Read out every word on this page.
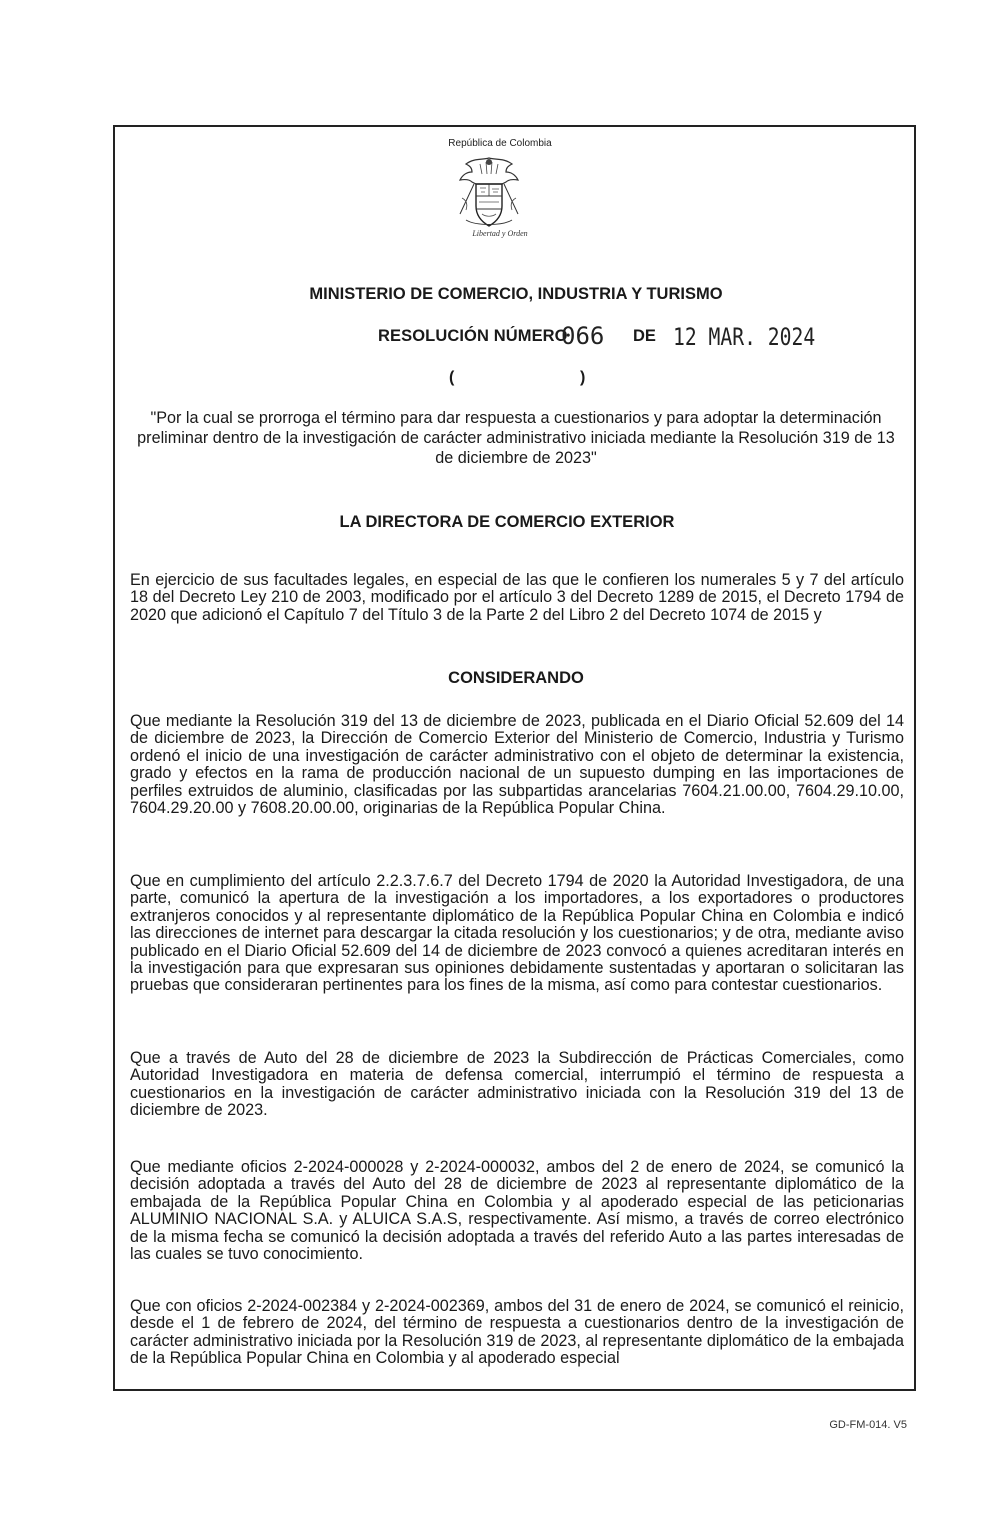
República de Colombia
Libertad y Orden
MINISTERIO DE COMERCIO, INDUSTRIA Y TURISMO
RESOLUCIÓN NÚMERO
066 DE 12 MAR. 2024
(	)
"Por la cual se prorroga el término para dar respuesta a cuestionarios y para adoptar la determinación preliminar dentro de la investigación de carácter administrativo iniciada mediante la Resolución 319 de 13 de diciembre de 2023"
LA DIRECTORA DE COMERCIO EXTERIOR
En ejercicio de sus facultades legales, en especial de las que le confieren los numerales 5 y 7 del artículo 18 del Decreto Ley 210 de 2003, modificado por el artículo 3 del Decreto 1289 de 2015, el Decreto 1794 de 2020 que adicionó el Capítulo 7 del Título 3 de la Parte 2 del Libro 2 del Decreto 1074 de 2015 y
CONSIDERANDO
Que mediante la Resolución 319 del 13 de diciembre de 2023, publicada en el Diario Oficial 52.609 del 14 de diciembre de 2023, la Dirección de Comercio Exterior del Ministerio de Comercio, Industria y Turismo ordenó el inicio de una investigación de carácter administrativo con el objeto de determinar la existencia, grado y efectos en la rama de producción nacional de un supuesto dumping en las importaciones de perfiles extruidos de aluminio, clasificadas por las subpartidas arancelarias 7604.21.00.00, 7604.29.10.00, 7604.29.20.00 y 7608.20.00.00, originarias de la República Popular China.
Que en cumplimiento del artículo 2.2.3.7.6.7 del Decreto 1794 de 2020 la Autoridad Investigadora, de una parte, comunicó la apertura de la investigación a los importadores, a los exportadores o productores extranjeros conocidos y al representante diplomático de la República Popular China en Colombia e indicó las direcciones de internet para descargar la citada resolución y los cuestionarios; y de otra, mediante aviso publicado en el Diario Oficial 52.609 del 14 de diciembre de 2023 convocó a quienes acreditaran interés en la investigación para que expresaran sus opiniones debidamente sustentadas y aportaran o solicitaran las pruebas que consideraran pertinentes para los fines de la misma, así como para contestar cuestionarios.
Que a través de Auto del 28 de diciembre de 2023 la Subdirección de Prácticas Comerciales, como Autoridad Investigadora en materia de defensa comercial, interrumpió el término de respuesta a cuestionarios en la investigación de carácter administrativo iniciada con la Resolución 319 del 13 de diciembre de 2023.
Que mediante oficios 2-2024-000028 y 2-2024-000032, ambos del 2 de enero de 2024, se comunicó la decisión adoptada a través del Auto del 28 de diciembre de 2023 al representante diplomático de la embajada de la República Popular China en Colombia y al apoderado especial de las peticionarias ALUMINIO NACIONAL S.A. y ALUICA S.A.S, respectivamente. Así mismo, a través de correo electrónico de la misma fecha se comunicó la decisión adoptada a través del referido Auto a las partes interesadas de las cuales se tuvo conocimiento.
Que con oficios 2-2024-002384 y 2-2024-002369, ambos del 31 de enero de 2024, se comunicó el reinicio, desde el 1 de febrero de 2024, del término de respuesta a cuestionarios dentro de la investigación de carácter administrativo iniciada por la Resolución 319 de 2023, al representante diplomático de la embajada de la República Popular China en Colombia y al apoderado especial
GD-FM-014. V5
